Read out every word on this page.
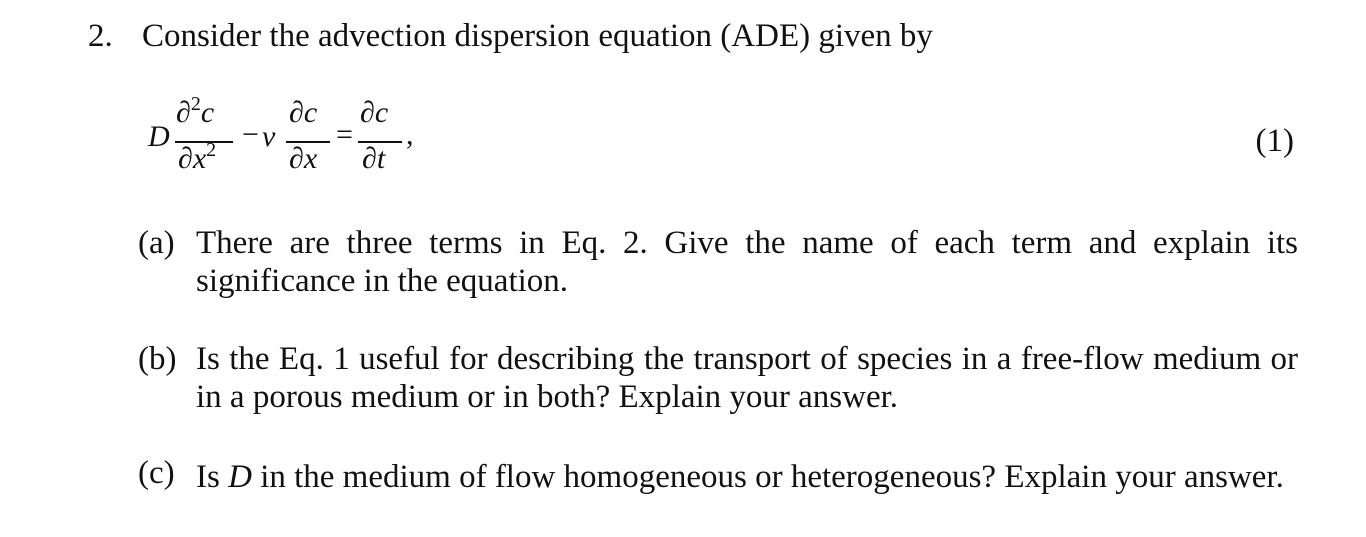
2. Consider the advection dispersion equation (ADE) given by
D
∂$^2$c
$\partial x^2 - v$
∂c
∂x
=
∂c
∂t
,	(1)
(a) There are three terms in Eq. 2. Give the name of each term and explain its significance in the equation.
(b) Is the Eq. 1 useful for describing the transport of species in a free-flow medium or in a porous medium or in both? Explain your answer.
(c) Is D in the medium of flow homogeneous or heterogeneous? Explain your answer.
